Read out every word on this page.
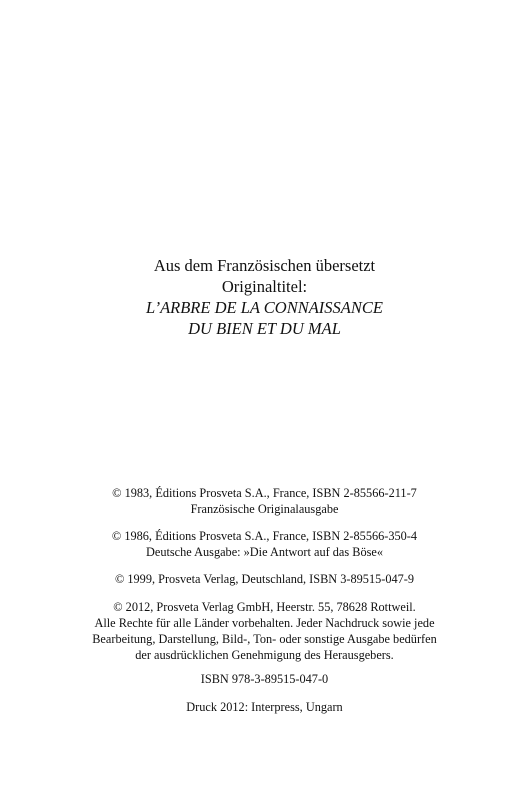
Aus dem Französischen übersetzt
Originaltitel:
L’ARBRE DE LA CONNAISSANCE
DU BIEN ET DU MAL
© 1983, Éditions Prosveta S.A., France, ISBN 2-85566-211-7
Französische Originalausgabe
© 1986, Éditions Prosveta S.A., France, ISBN 2-85566-350-4
Deutsche Ausgabe: »Die Antwort auf das Böse«
© 1999, Prosveta Verlag, Deutschland, ISBN 3-89515-047-9
© 2012, Prosveta Verlag GmbH, Heerstr. 55, 78628 Rottweil.
Alle Rechte für alle Länder vorbehalten. Jeder Nachdruck sowie jede
Bearbeitung, Darstellung, Bild-, Ton- oder sonstige Ausgabe bedürfen
der ausdrücklichen Genehmigung des Herausgebers.
ISBN 978-3-89515-047-0
Druck 2012: Interpress, Ungarn
